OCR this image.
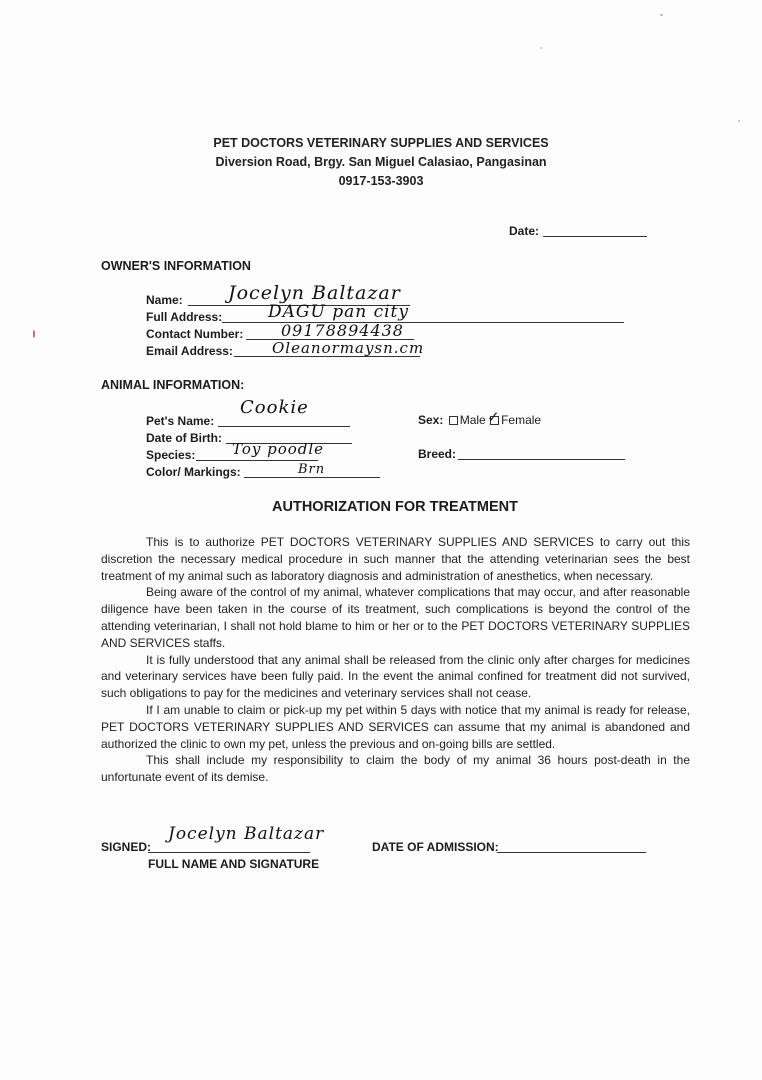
PET DOCTORS VETERINARY SUPPLIES AND SERVICES
Diversion Road, Brgy. San Miguel Calasiao, Pangasinan
0917-153-3903
Date:
OWNER'S INFORMATION
Name: Jocelyn Baltazar
Full Address:	DAGU pan city
Contact Number: 09178894438
Email Address:	Oleanormaysn.cm
ANIMAL INFORMATION:
Pet's Name:
Cookie
Sex: Male ✓ Female
Date of Birth:
Species: Toy poodle	Breed:
Color/ Markings:	Brn
AUTHORIZATION FOR TREATMENT

This is to authorize PET DOCTORS VETERINARY SUPPLIES AND SERVICES to carry out this discretion the necessary medical procedure in such manner that the attending veterinarian sees the best treatment of my animal such as laboratory diagnosis and administration of anesthetics, when necessary.

Being aware of the control of my animal, whatever complications that may occur, and after reasonable diligence have been taken in the course of its treatment, such complications is beyond the control of the attending veterinarian, I shall not hold blame to him or her or to the PET DOCTORS VETERINARY SUPPLIES AND SERVICES staffs.

It is fully understood that any animal shall be released from the clinic only after charges for medicines and veterinary services have been fully paid. In the event the animal confined for treatment did not survived, such obligations to pay for the medicines and veterinary services shall not cease.

If I am unable to claim or pick-up my pet within 5 days with notice that my animal is ready for release, PET DOCTORS VETERINARY SUPPLIES AND SERVICES can assume that my animal is abandoned and authorized the clinic to own my pet, unless the previous and on-going bills are settled.

This shall include my responsibility to claim the body of my animal 36 hours post-death in the unfortunate event of its demise.

SIGNED:
Jocelyn Baltazar
FULL NAME AND SIGNATURE
DATE OF ADMISSION:
